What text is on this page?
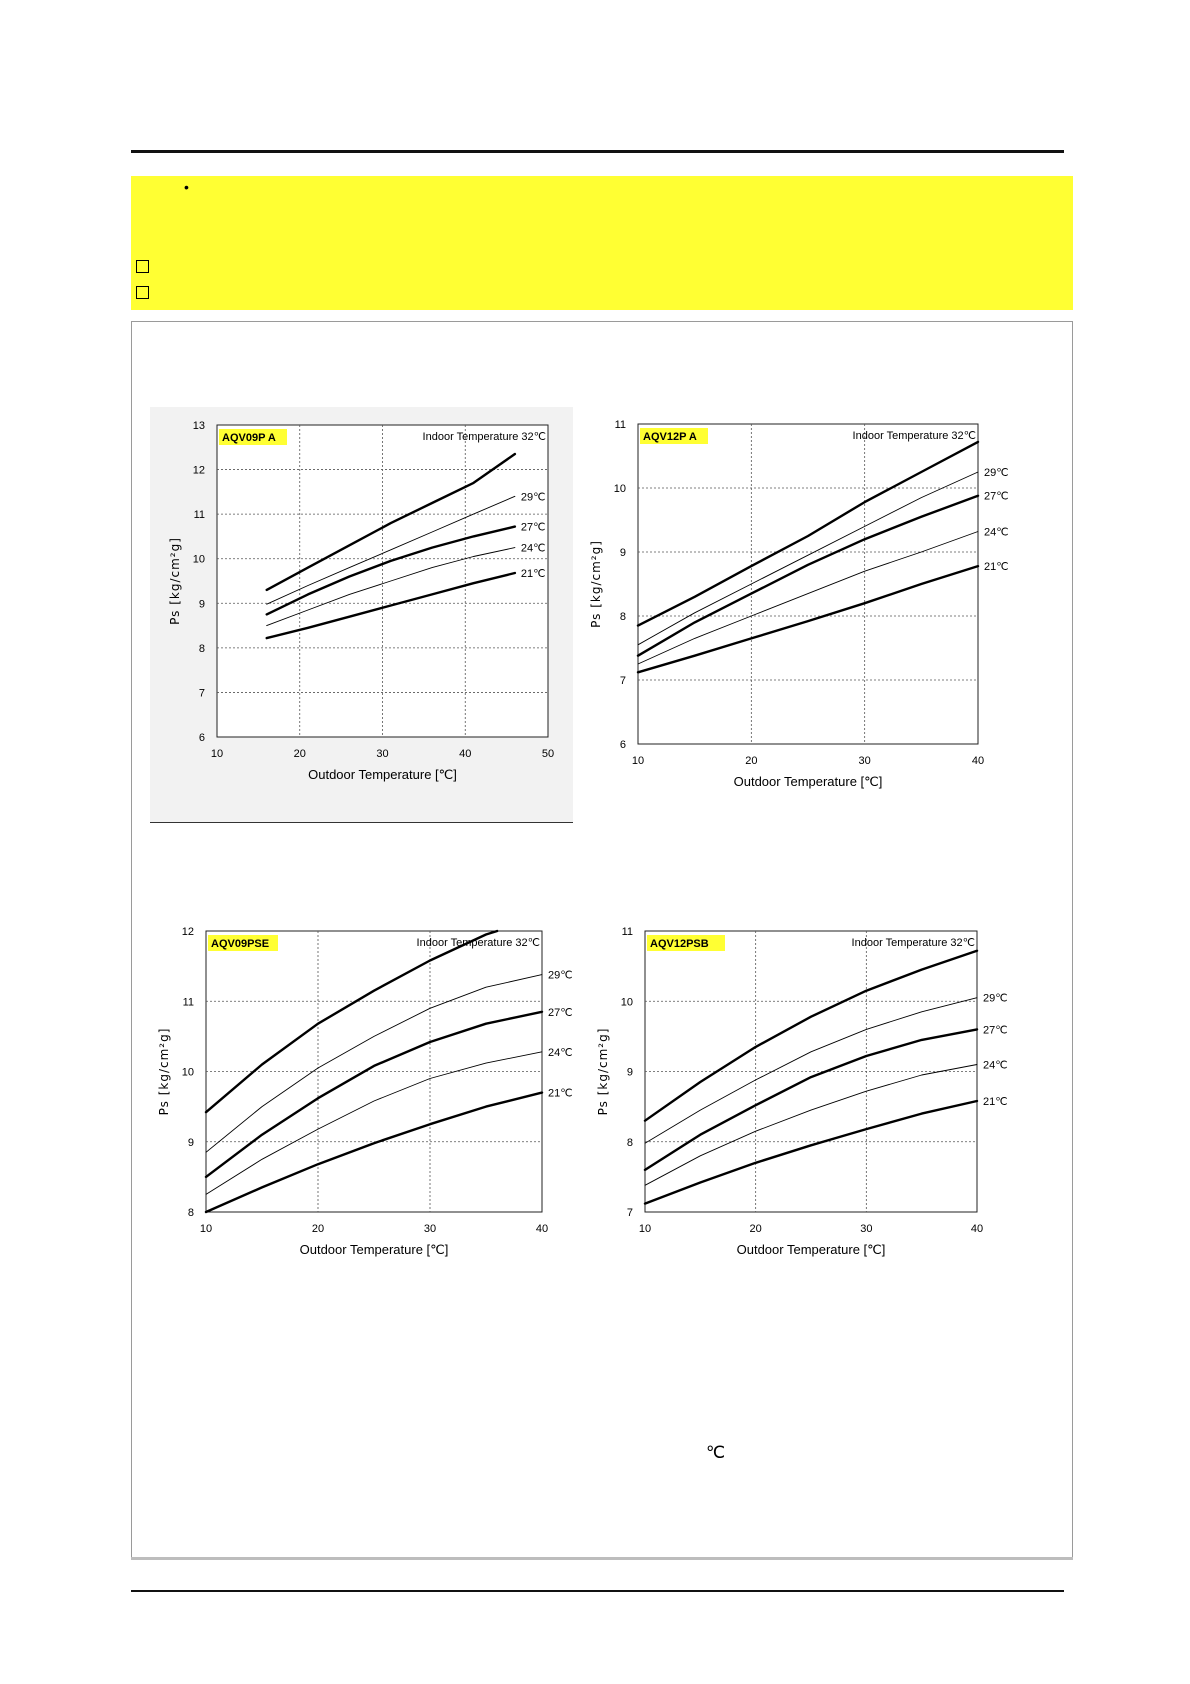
•
10	20	30	40	50
6
7
8
9
10
11
12
13
Outdoor Temperature [℃]
Ps [kg/cm²g]
AQV09P A	Indoor Temperature 32℃
29℃
27℃
24℃
21℃
10	20	30	40
6
7
8
9
10
11
Outdoor Temperature [℃]
Ps [kg/cm²g]
AQV12P A	Indoor Temperature 32℃
29℃
27℃
24℃
21℃
10	20	30	40
8
9
10
11
12
Outdoor Temperature [℃]
Ps [kg/cm²g]
AQV09PSE	Indoor Temperature 32℃
29℃
27℃
24℃
21℃
10	20	30	40
7
8
9
10
11
Outdoor Temperature [℃]
Ps [kg/cm²g]
AQV12PSB	Indoor Temperature 32℃
29℃
27℃
24℃
21℃
℃
